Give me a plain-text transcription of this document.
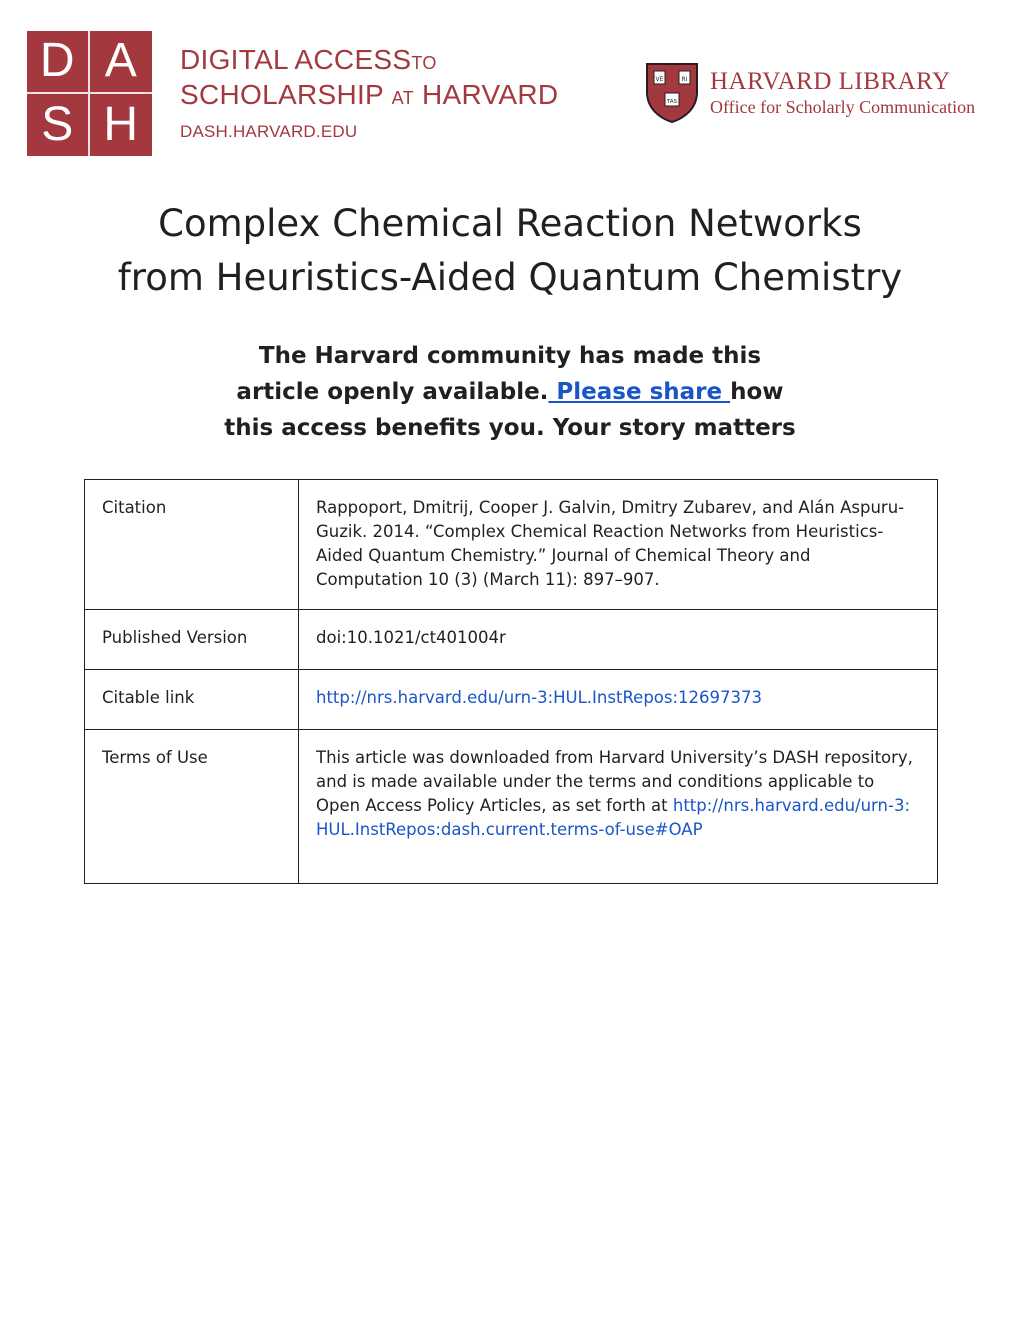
D A
S H
DIGITAL ACCESSTO
SCHOLARSHIP AT HARVARD
DASH.HARVARD.EDU
VE	RI
TAS
HARVARD LIBRARY
Office for Scholarly Communication
Complex Chemical Reaction Networks
from Heuristics-Aided Quantum Chemistry
The Harvard community has made this
article openly available. Please share how
this access benefits you. Your story matters
Citation	Rappoport, Dmitrij, Cooper J. Galvin, Dmitry Zubarev, and Alán Aspuru-Guzik. 2014. “Complex Chemical Reaction Networks from Heuristics-Aided Quantum Chemistry.” Journal of Chemical Theory and Computation 10 (3) (March 11): 897–907.
Published Version	doi:10.1021/ct401004r
Citable link	http://nrs.harvard.edu/urn-3:HUL.InstRepos:12697373
Terms of Use	This article was downloaded from Harvard University’s DASH repository, and is made available under the terms and conditions applicable to Open Access Policy Articles, as set forth at http://nrs.harvard.edu/urn-3:HUL.InstRepos:dash.current.terms-of-use#OAP
